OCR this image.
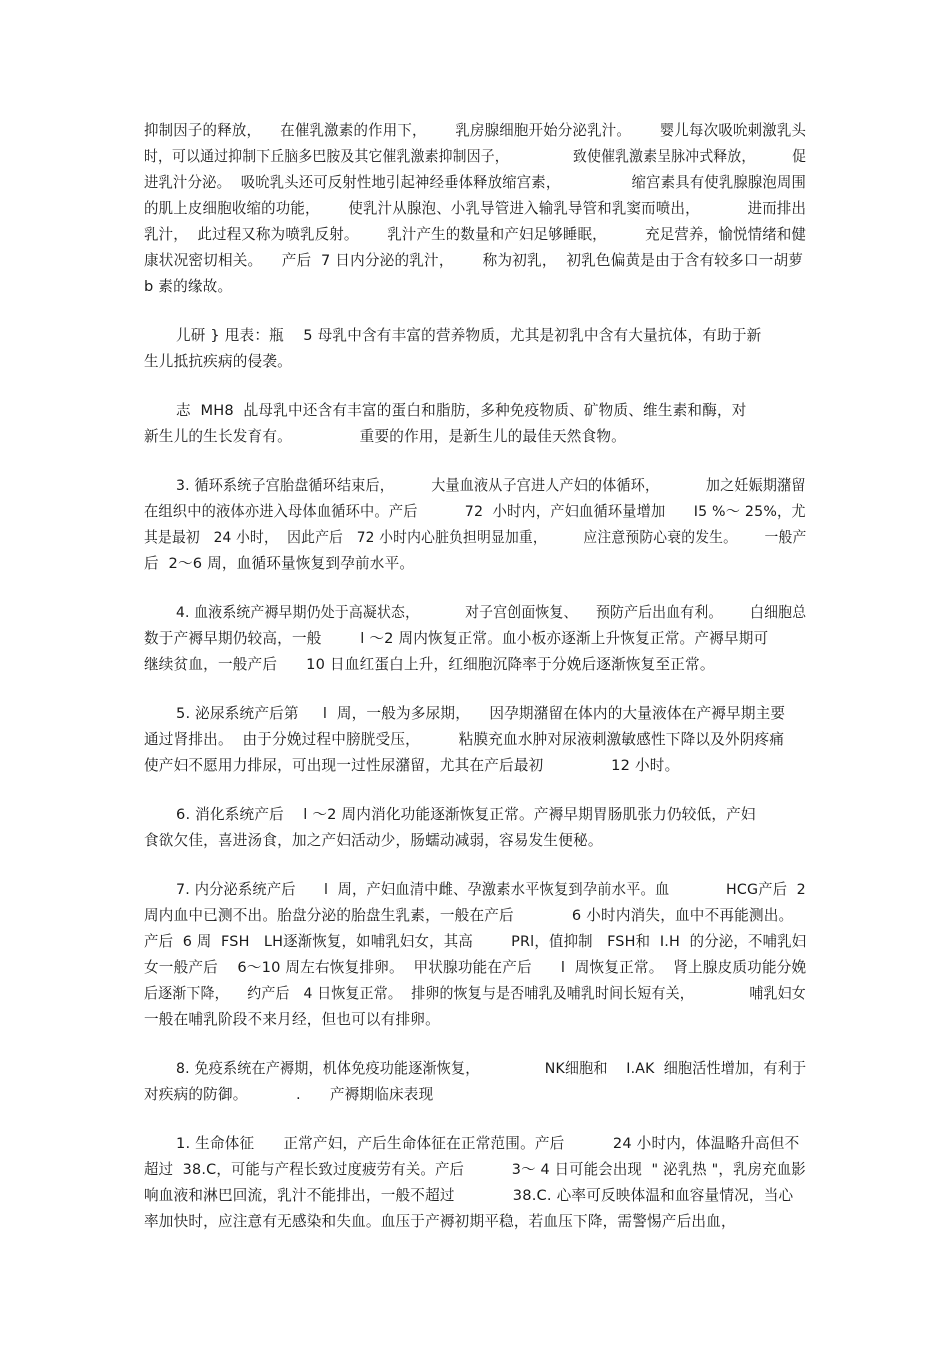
抑制因子的释放，    在催乳激素的作用下，      乳房腺细胞开始分泌乳汁。      婴儿每次吸吮刺激乳头
时，可以通过抑制下丘脑多巴胺及其它催乳激素抑制因子，              致使催乳激素呈脉冲式释放，        促
进乳汁分泌。  吸吮乳头还可反射性地引起神经垂体释放缩宫素，               缩宫素具有使乳腺腺泡周围
的肌上皮细胞收缩的功能，      使乳汁从腺泡、小乳导管进入输乳导管和乳窦而喷出，          进而排出
乳汁，  此过程又称为喷乳反射。      乳汁产生的数量和产妇足够睡眠，        充足营养，愉悦情绪和健
康状况密切相关。    产后  7 日内分泌的乳汁，      称为初乳，  初乳色偏黄是由于含有较多口一胡萝
b 素的缘故。
儿研 } 甩表：瓶    5 母乳中含有丰富的营养物质，尤其是初乳中含有大量抗体，有助于新
生儿抵抗疾病的侵袭。
志  MH8  乩母乳中还含有丰富的蛋白和脂肪，多种免疫物质、矿物质、维生素和酶，对
新生儿的生长发育有。              重要的作用，是新生儿的最佳天然食物。
3. 循环系统子宫胎盘循环结束后，        大量血液从子宫进人产妇的体循环，          加之妊娠期潴留
在组织中的液体亦进入母体血循环中。产后          72  小时内，产妇血循环量增加      I5 %～ 25%，尤
其是最初   24 小时，  因此产后   72 小时内心脏负担明显加重，        应注意预防心衰的发生。      一般产
后  2～6 周，血循环量恢复到孕前水平。
4. 血液系统产褥早期仍处于高凝状态，          对子宫创面恢复、    预防产后出血有利。      白细胞总
数于产褥早期仍较高，一般        l ～2 周内恢复正常。血小板亦逐渐上升恢复正常。产褥早期可
继续贫血，一般产后      10 日血红蛋白上升，红细胞沉降率于分娩后逐渐恢复至正常。
5. 泌尿系统产后第     l  周，一般为多尿期，    因孕期潴留在体内的大量液体在产褥早期主要
通过肾排出。  由于分娩过程中膀胱受压，        粘膜充血水肿对尿液刺激敏感性下降以及外阴疼痛
使产妇不愿用力排尿，可出现一过性尿潴留，尤其在产后最初              12 小时。
6. 消化系统产后    l ～2 周内消化功能逐渐恢复正常。产褥早期胃肠肌张力仍较低，产妇
食欲欠佳，喜进汤食，加之产妇活动少，肠蠕动减弱，容易发生便秘。
7. 内分泌系统产后      l  周，产妇血清中雌、孕激素水平恢复到孕前水平。血            HCG产后  2
周内血中已测不出。胎盘分泌的胎盘生乳素，一般在产后            6 小时内消失，血中不再能测出。
产后  6 周  FSH   LH逐渐恢复，如哺乳妇女，其高        PRl，值抑制   FSH和  I.H  的分泌，不哺乳妇
女一般产后    6～10 周左右恢复排卵。  甲状腺功能在产后      l  周恢复正常。  肾上腺皮质功能分娩
后逐渐下降，    约产后   4 日恢复正常。  排卵的恢复与是否哺乳及哺乳时间长短有关，            哺乳妇女
一般在哺乳阶段不来月经，但也可以有排卵。
8. 免疫系统在产褥期，机体免疫功能逐渐恢复，              NK细胞和    I.AK  细胞活性增加，有利于
对疾病的防御。          .      产褥期临床表现
1. 生命体征      正常产妇，产后生命体征在正常范围。产后          24 小时内，体温略升高但不
超过  38.C，可能与产程长致过度疲劳有关。产后          3～ 4 日可能会出现  " 泌乳热 "，乳房充血影
响血液和淋巴回流，乳汁不能排出，一般不超过            38.C. 心率可反映体温和血容量情况，当心
率加快时，应注意有无感染和失血。血压于产褥初期平稳，若血压下降，需警惕产后出血，
